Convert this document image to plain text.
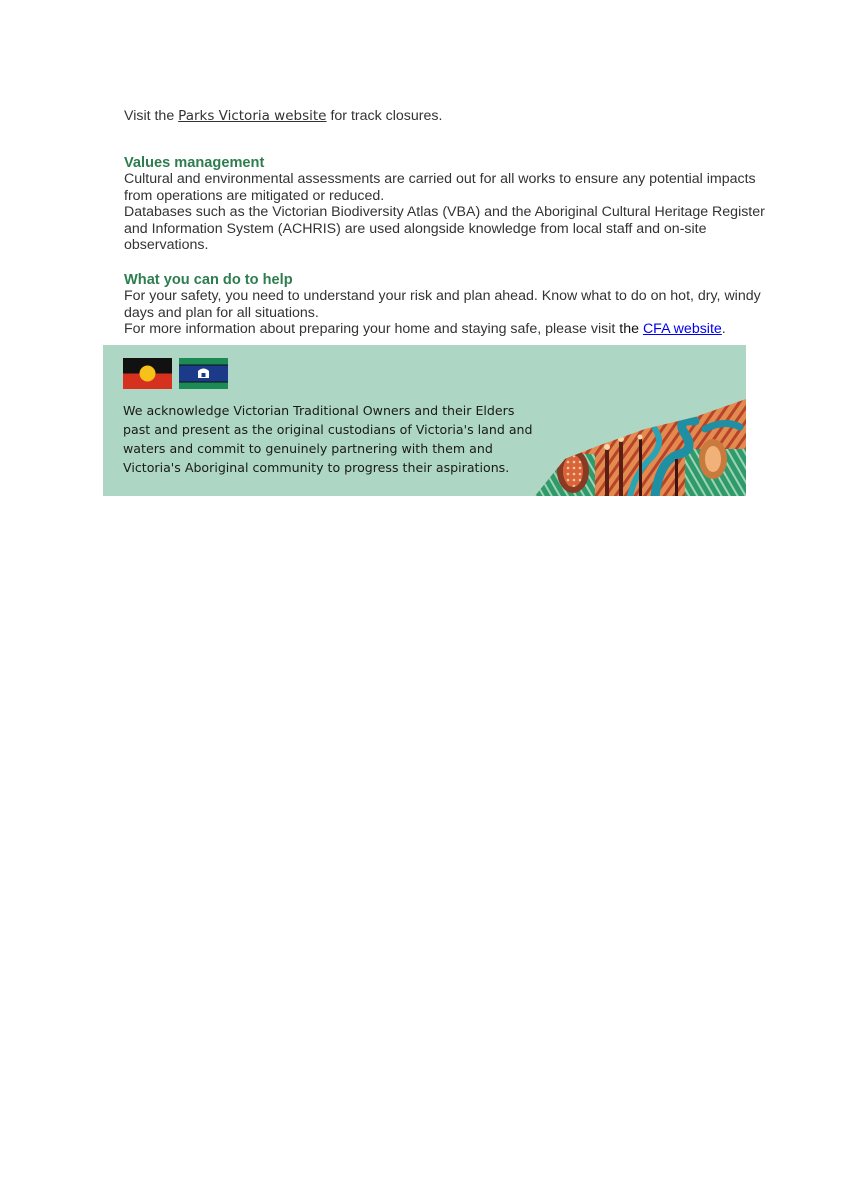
Visit the Parks Victoria website for track closures.

Values management

Cultural and environmental assessments are carried out for all works to ensure any potential impacts from operations are mitigated or reduced.

Databases such as the Victorian Biodiversity Atlas (VBA) and the Aboriginal Cultural Heritage Register and Information System (ACHRIS) are used alongside knowledge from local staff and on-site observations.

What you can do to help

For your safety, you need to understand your risk and plan ahead. Know what to do on hot, dry, windy days and plan for all situations.

For more information about preparing your home and staying safe, please visit the CFA website.

We acknowledge Victorian Traditional Owners and their Elders
past and present as the original custodians of Victoria's land and
waters and commit to genuinely partnering with them and
Victoria's Aboriginal community to progress their aspirations.
